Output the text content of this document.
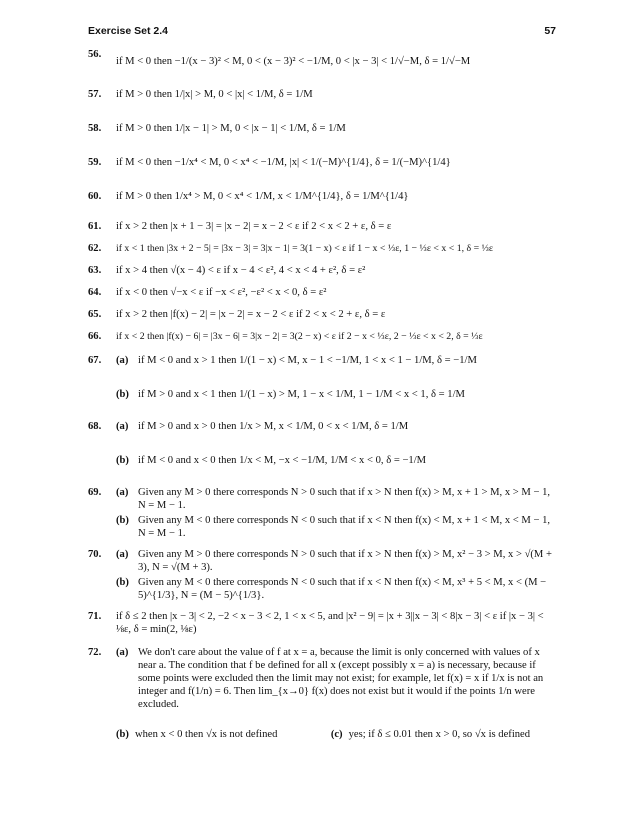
Exercise Set 2.4	57
56.
if M < 0 then −1/(x − 3)² < M, 0 < (x − 3)² < −1/M, 0 < |x − 3| < 1/√−M, δ = 1/√−M
57. if M > 0 then 1/|x| > M, 0 < |x| < 1/M, δ = 1/M
58. if M > 0 then 1/|x − 1| > M, 0 < |x − 1| < 1/M, δ = 1/M
59. if M < 0 then −1/x⁴ < M, 0 < x⁴ < −1/M, |x| < 1/(−M)^{1/4}, δ = 1/(−M)^{1/4}
60. if M > 0 then 1/x⁴ > M, 0 < x⁴ < 1/M, x < 1/M^{1/4}, δ = 1/M^{1/4}
61. if x > 2 then |x + 1 − 3| = |x − 2| = x − 2 < ε if 2 < x < 2 + ε, δ = ε
62. if x < 1 then |3x + 2 − 5| = |3x − 3| = 3|x − 1| = 3(1 − x) < ε if 1 − x < ⅓ε, 1 − ⅓ε < x < 1, δ = ⅓ε
63. if x > 4 then √(x − 4) < ε if x − 4 < ε², 4 < x < 4 + ε², δ = ε²
64. if x < 0 then √−x < ε if −x < ε², −ε² < x < 0, δ = ε²
65. if x > 2 then |f(x) − 2| = |x − 2| = x − 2 < ε if 2 < x < 2 + ε, δ = ε
66. if x < 2 then |f(x) − 6| = |3x − 6| = 3|x − 2| = 3(2 − x) < ε if 2 − x < ⅓ε, 2 − ⅓ε < x < 2, δ = ⅓ε
67. (a) if M < 0 and x > 1 then 1/(1 − x) < M, x − 1 < −1/M, 1 < x < 1 − 1/M, δ = −1/M
(b) if M > 0 and x < 1 then 1/(1 − x) > M, 1 − x < 1/M, 1 − 1/M < x < 1, δ = 1/M
68. (a) if M > 0 and x > 0 then 1/x > M, x < 1/M, 0 < x < 1/M, δ = 1/M
(b) if M < 0 and x < 0 then 1/x < M, −x < −1/M, 1/M < x < 0, δ = −1/M
69. (a) Given any M > 0 there corresponds N > 0 such that if x > N then f(x) > M, x + 1 > M, x > M − 1, N = M − 1.
(b) Given any M < 0 there corresponds N < 0 such that if x < N then f(x) < M, x + 1 < M, x < M − 1, N = M − 1.
70. (a) Given any M > 0 there corresponds N > 0 such that if x > N then f(x) > M, x² − 3 > M, x > √(M + 3), N = √(M + 3).
(b) Given any M < 0 there corresponds N < 0 such that if x < N then f(x) < M, x³ + 5 < M, x < (M − 5)^{1/3}, N = (M − 5)^{1/3}.
71. if δ ≤ 2 then |x − 3| < 2, −2 < x − 3 < 2, 1 < x < 5, and |x² − 9| = |x + 3||x − 3| < 8|x − 3| < ε if |x − 3| < ⅛ε, δ = min(2, ⅛ε)
72. (a) We don't care about the value of f at x = a, because the limit is only concerned with values of x near a. The condition that f be defined for all x (except possibly x = a) is necessary, because if some points were excluded then the limit may not exist; for example, let f(x) = x if 1/x is not an integer and f(1/n) = 6. Then lim_{x→0} f(x) does not exist but it would if the points 1/n were excluded.
(b) when x < 0 then √x is not defined	(c) yes; if δ ≤ 0.01 then x > 0, so √x is defined
